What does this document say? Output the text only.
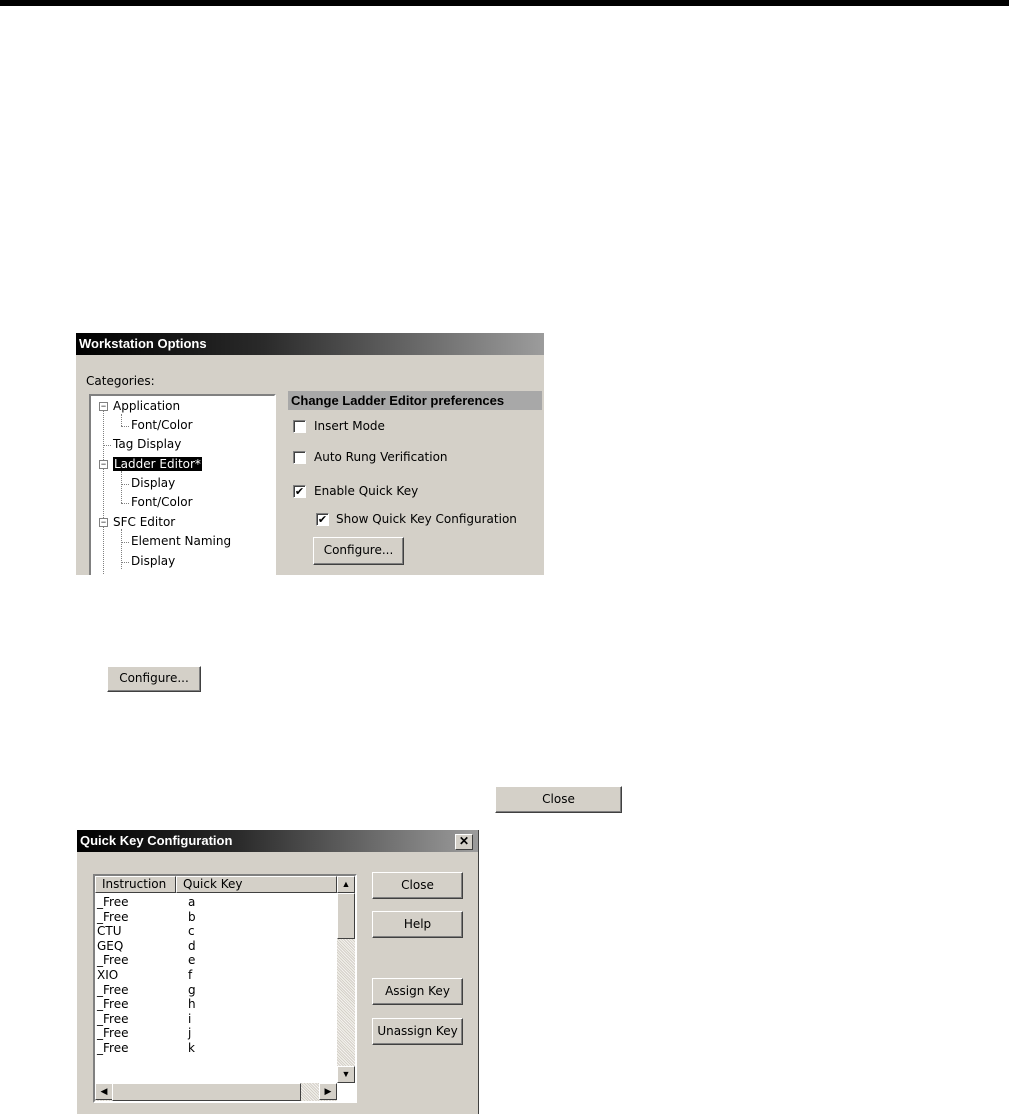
Workstation Options
Categories:
−
−
−
Application
Font/Color
Tag Display
Ladder Editor*
Display
Font/Color
SFC Editor
Element Naming
Display
Change Ladder Editor preferences
Insert Mode
Auto Rung Verification
✔ Enable Quick Key
✔ Show Quick Key Configuration
Configure...
Configure...
Close
Quick Key Configuration	✕
Instruction	Quick Key
_Free	a
_Free	b
CTU	c
GEQ	d
_Free	e
XIO	f
_Free	g
_Free	h
_Free	i
_Free	j
_Free	k
▲
▼
◀	▶
Close
Help
Assign Key
Unassign Key
